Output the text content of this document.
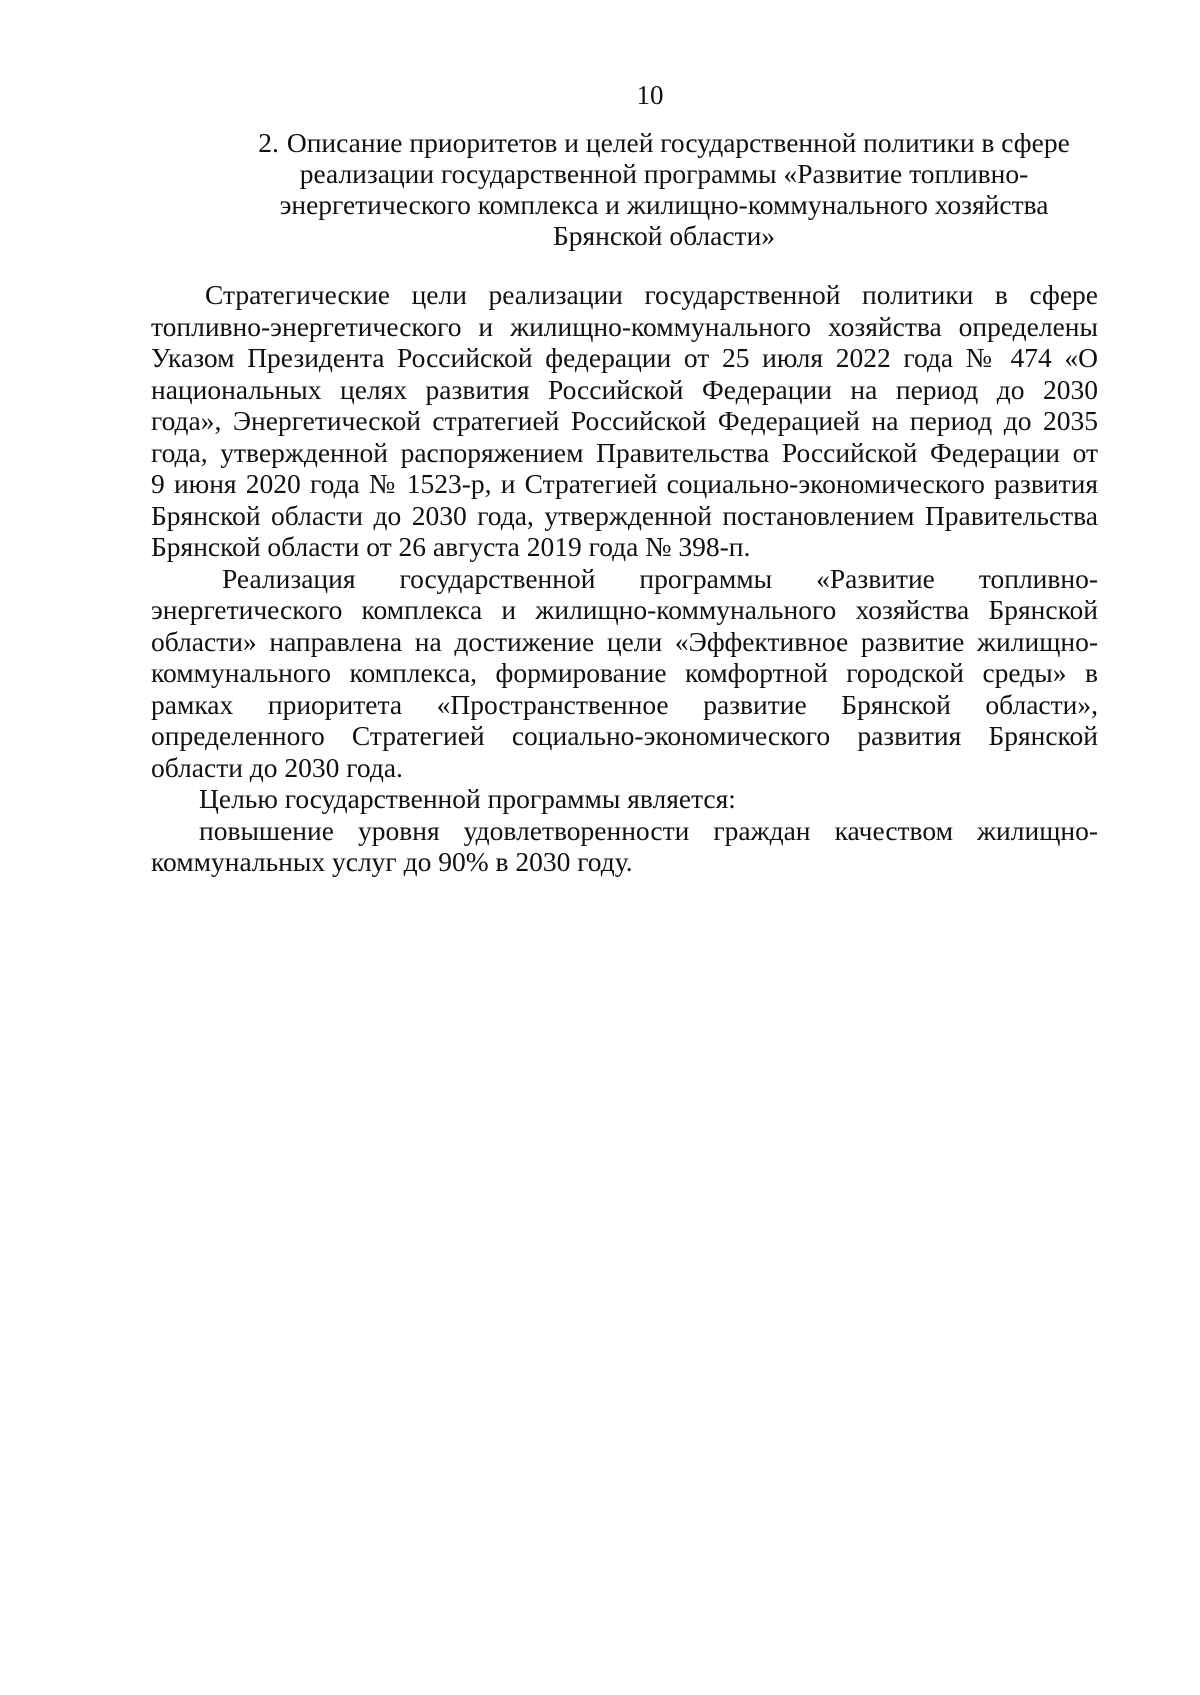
10
2. Описание приоритетов и целей государственной политики в сфере
реализации государственной программы «Развитие топливно-
энергетического комплекса и жилищно-коммунального хозяйства
Брянской области»
Стратегические цели реализации государственной политики в сфере
топливно-энергетического и жилищно-коммунального хозяйства определены
Указом Президента Российской федерации от 25 июля 2022 года № 474 «О
национальных целях развития Российской Федерации на период до 2030
года», Энергетической стратегией Российской Федерацией на период до 2035
года, утвержденной распоряжением Правительства Российской Федерации от
9 июня 2020 года № 1523-р, и Стратегией социально-экономического развития
Брянской области до 2030 года, утвержденной постановлением Правительства
Брянской области от 26 августа 2019 года № 398-п.
Реализация государственной программы «Развитие топливно-
энергетического комплекса и жилищно-коммунального хозяйства Брянской
области» направлена на достижение цели «Эффективное развитие жилищно-
коммунального комплекса, формирование комфортной городской среды» в
рамках приоритета «Пространственное развитие Брянской области»,
определенного Стратегией социально-экономического развития Брянской
области до 2030 года.
Целью государственной программы является:
повышение уровня удовлетворенности граждан качеством жилищно-
коммунальных услуг до 90% в 2030 году.
